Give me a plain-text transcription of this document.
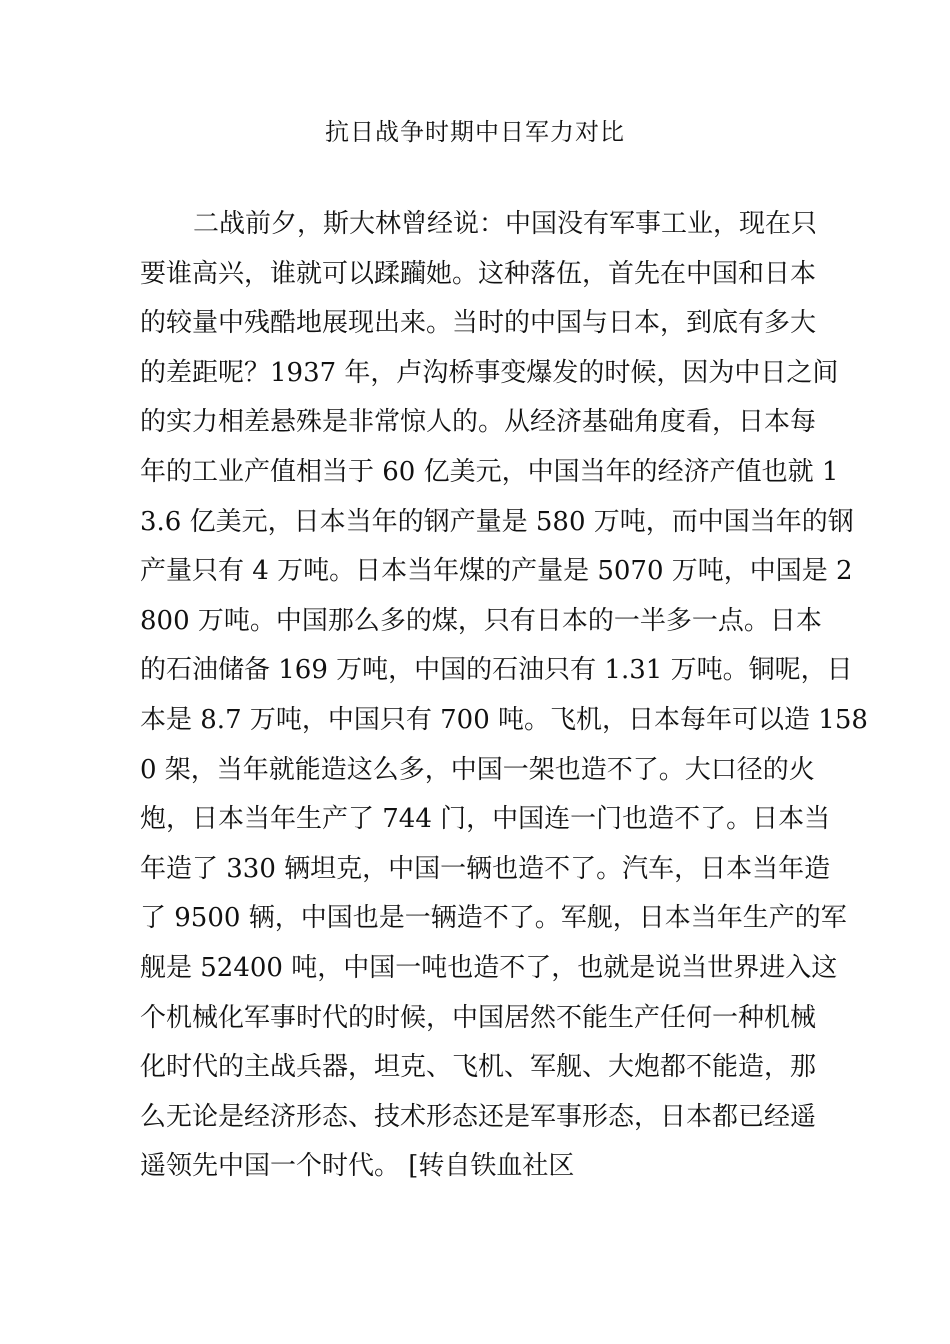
抗日战争时期中日军力对比
二战前夕，斯大林曾经说：中国没有军事工业，现在只
要谁高兴，谁就可以蹂躏她。这种落伍，首先在中国和日本
的较量中残酷地展现出来。当时的中国与日本，到底有多大
的差距呢？1937 年，卢沟桥事变爆发的时候，因为中日之间
的实力相差悬殊是非常惊人的。从经济基础角度看，日本每
年的工业产值相当于 60 亿美元，中国当年的经济产值也就 1
3.6 亿美元，日本当年的钢产量是 580 万吨，而中国当年的钢
产量只有 4 万吨。日本当年煤的产量是 5070 万吨，中国是 2
800 万吨。中国那么多的煤，只有日本的一半多一点。日本
的石油储备 169 万吨，中国的石油只有 1.31 万吨。铜呢，日
本是 8.7 万吨，中国只有 700 吨。飞机，日本每年可以造 158
0 架，当年就能造这么多，中国一架也造不了。大口径的火
炮，日本当年生产了 744 门，中国连一门也造不了。日本当
年造了 330 辆坦克，中国一辆也造不了。汽车，日本当年造
了 9500 辆，中国也是一辆造不了。军舰，日本当年生产的军
舰是 52400 吨，中国一吨也造不了，也就是说当世界进入这
个机械化军事时代的时候，中国居然不能生产任何一种机械
化时代的主战兵器，坦克、飞机、军舰、大炮都不能造，那
么无论是经济形态、技术形态还是军事形态，日本都已经遥
遥领先中国一个时代。 [转自铁血社区
